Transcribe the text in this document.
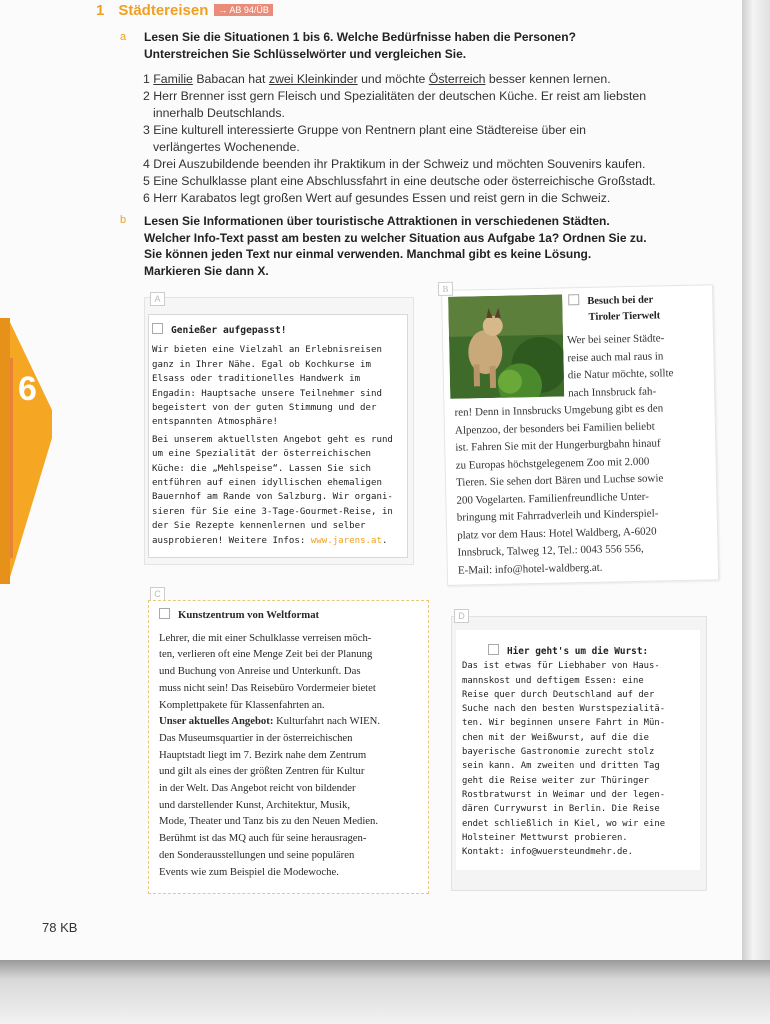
6
1 Städtereisen → AB 94/ÜB
a Lesen Sie die Situationen 1 bis 6. Welche Bedürfnisse haben die Personen?
Unterstreichen Sie Schlüsselwörter und vergleichen Sie.
1 Familie Babacan hat zwei Kleinkinder und möchte Österreich besser kennen lernen.
2 Herr Brenner isst gern Fleisch und Spezialitäten der deutschen Küche. Er reist am liebsten
innerhalb Deutschlands.
3 Eine kulturell interessierte Gruppe von Rentnern plant eine Städtereise über ein
verlängertes Wochenende.
4 Drei Auszubildende beenden ihr Praktikum in der Schweiz und möchten Souvenirs kaufen.
5 Eine Schulklasse plant eine Abschlussfahrt in eine deutsche oder österreichische Großstadt.
6 Herr Karabatos legt großen Wert auf gesundes Essen und reist gern in die Schweiz.
b Lesen Sie Informationen über touristische Attraktionen in verschiedenen Städten.
Welcher Info-Text passt am besten zu welcher Situation aus Aufgabe 1a? Ordnen Sie zu.
Sie können jeden Text nur einmal verwenden. Manchmal gibt es keine Lösung.
Markieren Sie dann X.
A
Genießer aufgepasst!
Wir bieten eine Vielzahl an Erlebnisreisen
ganz in Ihrer Nähe. Egal ob Kochkurse im
Elsass oder traditionelles Handwerk im
Engadin: Hauptsache unsere Teilnehmer sind
begeistert von der guten Stimmung und der
entspannten Atmosphäre!
Bei unserem aktuellsten Angebot geht es rund
um eine Spezialität der österreichischen
Küche: die „Mehlspeise“. Lassen Sie sich
entführen auf einen idyllischen ehemaligen
Bauernhof am Rande von Salzburg. Wir organi-
sieren für Sie eine 3-Tage-Gourmet-Reise, in
der Sie Rezepte kennenlernen und selber
ausprobieren! Weitere Infos: www.jarens.at.
B
Besuch bei der
Tiroler Tierwelt
Wer bei seiner Städte-
reise auch mal raus in
die Natur möchte, sollte
nach Innsbruck fah-
ren! Denn in Innsbrucks Umgebung gibt es den
Alpenzoo, der besonders bei Familien beliebt
ist. Fahren Sie mit der Hungerburgbahn hinauf
zu Europas höchstgelegenem Zoo mit 2.000
Tieren. Sie sehen dort Bären und Luchse sowie
200 Vogelarten. Familienfreundliche Unter-
bringung mit Fahrradverleih und Kinderspiel-
platz vor dem Haus: Hotel Waldberg, A-6020
Innsbruck, Talweg 12, Tel.: 0043 556 556,
E-Mail: info@hotel-waldberg.at.
C
Kunstzentrum von Weltformat
Lehrer, die mit einer Schulklasse verreisen möch-
ten, verlieren oft eine Menge Zeit bei der Planung
und Buchung von Anreise und Unterkunft. Das
muss nicht sein! Das Reisebüro Vordermeier bietet
Komplettpakete für Klassenfahrten an.
Unser aktuelles Angebot: Kulturfahrt nach WIEN.
Das Museumsquartier in der österreichischen
Hauptstadt liegt im 7. Bezirk nahe dem Zentrum
und gilt als eines der größten Zentren für Kultur
in der Welt. Das Angebot reicht von bildender
und darstellender Kunst, Architektur, Musik,
Mode, Theater und Tanz bis zu den Neuen Medien.
Berühmt ist das MQ auch für seine herausragen-
den Sonderausstellungen und seine populären
Events wie zum Beispiel die Modewoche.
D
Hier geht's um die Wurst:
Das ist etwas für Liebhaber von Haus-
mannskost und deftigem Essen: eine
Reise quer durch Deutschland auf der
Suche nach den besten Wurstspezialitä-
ten. Wir beginnen unsere Fahrt in Mün-
chen mit der Weißwurst, auf die die
bayerische Gastronomie zurecht stolz
sein kann. Am zweiten und dritten Tag
geht die Reise weiter zur Thüringer
Rostbratwurst in Weimar und der legen-
dären Currywurst in Berlin. Die Reise
endet schließlich in Kiel, wo wir eine
Holsteiner Mettwurst probieren.
Kontakt: info@wuersteundmehr.de.
78 KB
